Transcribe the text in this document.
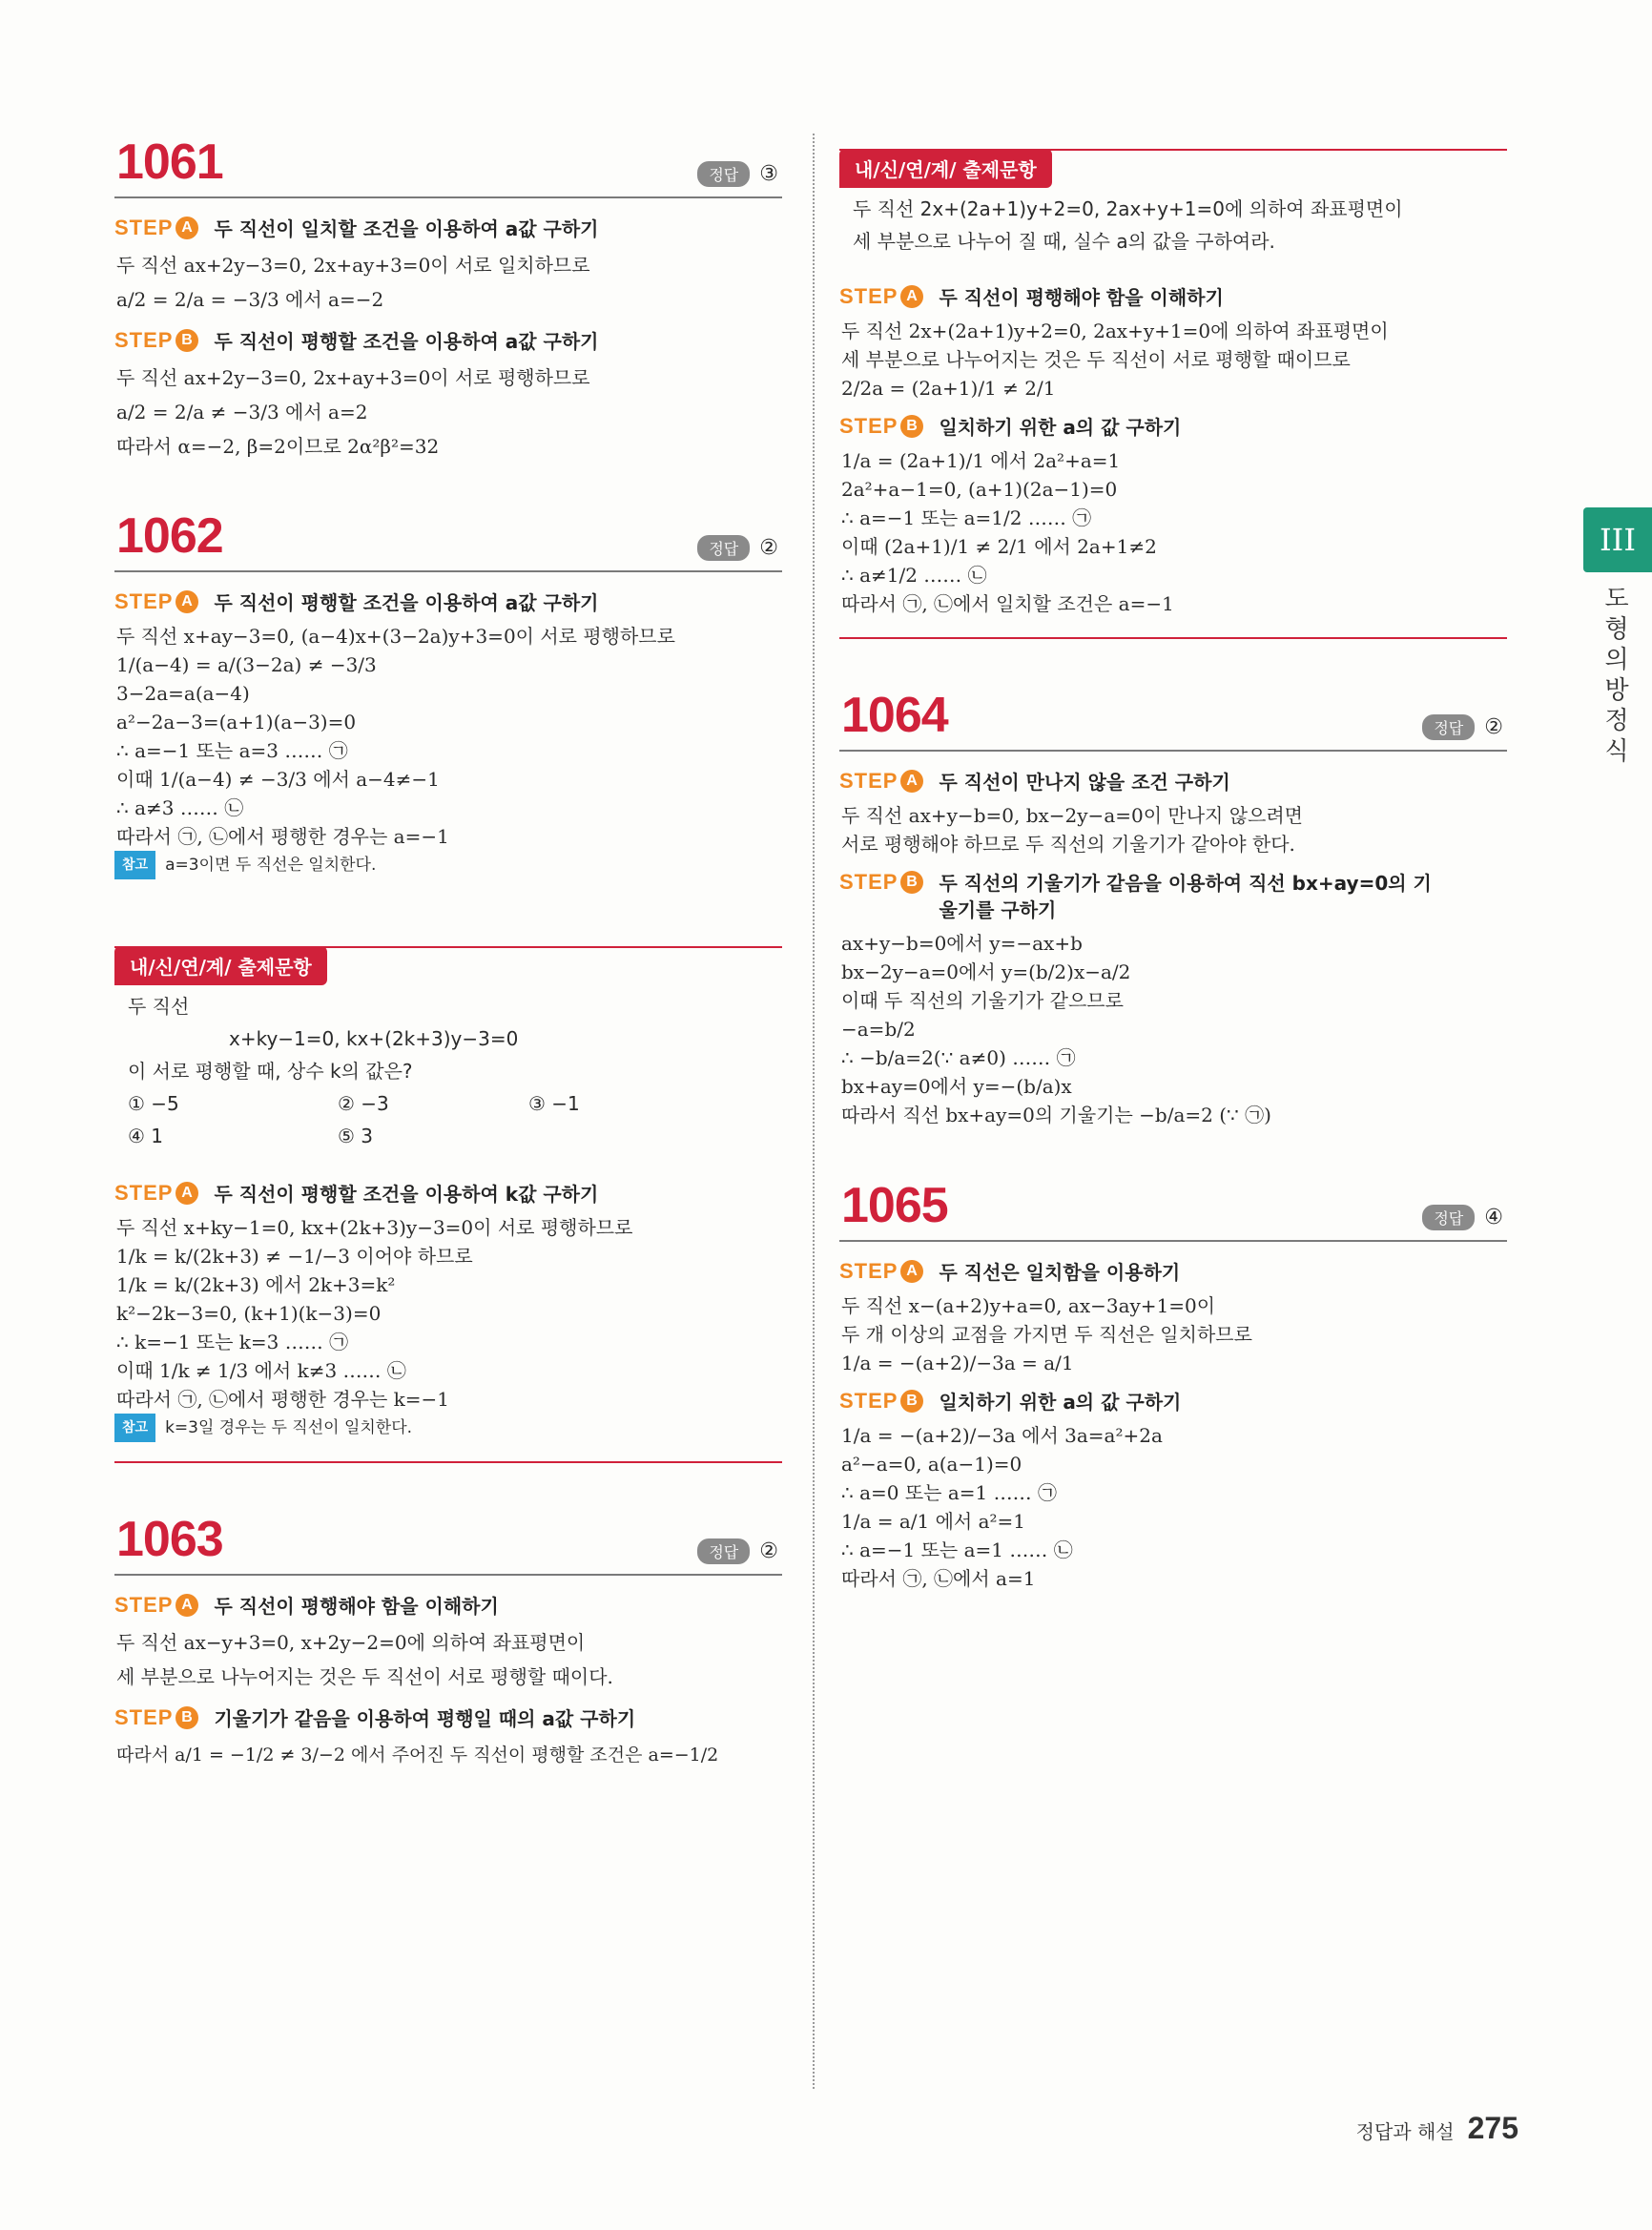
1061	정답	③
STEP A 두 직선이 일치할 조건을 이용하여 a값 구하기
두 직선 ax+2y−3=0, 2x+ay+3=0이 서로 일치하므로
a/2 = 2/a = −3/3 에서 a=−2
STEP B 두 직선이 평행할 조건을 이용하여 a값 구하기
두 직선 ax+2y−3=0, 2x+ay+3=0이 서로 평행하므로
a/2 = 2/a ≠ −3/3 에서 a=2
따라서 α=−2, β=2이므로 2α²β²=32
1062	정답	②
STEP A 두 직선이 평행할 조건을 이용하여 a값 구하기
두 직선 x+ay−3=0, (a−4)x+(3−2a)y+3=0이 서로 평행하므로
1/(a−4) = a/(3−2a) ≠ −3/3
3−2a=a(a−4)
a²−2a−3=(a+1)(a−3)=0
∴ a=−1 또는 a=3 …… ㉠
이때 1/(a−4) ≠ −3/3 에서 a−4≠−1
∴ a≠3 …… ㉡
따라서 ㉠, ㉡에서 평행한 경우는 a=−1
참고	a=3이면 두 직선은 일치한다.
내/신/연/계/ 출제문항
두 직선
x+ky−1=0, kx+(2k+3)y−3=0
이 서로 평행할 때, 상수 k의 값은?
① −5	② −3	③ −1
④ 1	⑤ 3
STEP A 두 직선이 평행할 조건을 이용하여 k값 구하기
두 직선 x+ky−1=0, kx+(2k+3)y−3=0이 서로 평행하므로
1/k = k/(2k+3) ≠ −1/−3 이어야 하므로
1/k = k/(2k+3) 에서 2k+3=k²
k²−2k−3=0, (k+1)(k−3)=0
∴ k=−1 또는 k=3 …… ㉠
이때 1/k ≠ 1/3 에서 k≠3 …… ㉡
따라서 ㉠, ㉡에서 평행한 경우는 k=−1
참고	k=3일 경우는 두 직선이 일치한다.
1063	정답	②
STEP A 두 직선이 평행해야 함을 이해하기
두 직선 ax−y+3=0, x+2y−2=0에 의하여 좌표평면이
세 부분으로 나누어지는 것은 두 직선이 서로 평행할 때이다.
STEP B 기울기가 같음을 이용하여 평행일 때의 a값 구하기
따라서 a/1 = −1/2 ≠ 3/−2 에서 주어진 두 직선이 평행할 조건은 a=−1/2
내/신/연/계/ 출제문항
두 직선 2x+(2a+1)y+2=0, 2ax+y+1=0에 의하여 좌표평면이
세 부분으로 나누어 질 때, 실수 a의 값을 구하여라.
STEP A 두 직선이 평행해야 함을 이해하기
두 직선 2x+(2a+1)y+2=0, 2ax+y+1=0에 의하여 좌표평면이
세 부분으로 나누어지는 것은 두 직선이 서로 평행할 때이므로
2/2a = (2a+1)/1 ≠ 2/1
STEP B 일치하기 위한 a의 값 구하기
1/a = (2a+1)/1 에서 2a²+a=1
2a²+a−1=0, (a+1)(2a−1)=0
∴ a=−1 또는 a=1/2 …… ㉠
이때 (2a+1)/1 ≠ 2/1 에서 2a+1≠2
∴ a≠1/2 …… ㉡
따라서 ㉠, ㉡에서 일치할 조건은 a=−1
1064	정답	②
STEP A 두 직선이 만나지 않을 조건 구하기
두 직선 ax+y−b=0, bx−2y−a=0이 만나지 않으려면
서로 평행해야 하므로 두 직선의 기울기가 같아야 한다.
STEP B 두 직선의 기울기가 같음을 이용하여 직선 bx+ay=0의 기울기를 구하기
ax+y−b=0에서 y=−ax+b
bx−2y−a=0에서 y=(b/2)x−a/2
이때 두 직선의 기울기가 같으므로
−a=b/2
∴ −b/a=2(∵ a≠0) …… ㉠
bx+ay=0에서 y=−(b/a)x
따라서 직선 bx+ay=0의 기울기는 −b/a=2 (∵ ㉠)
1065	정답	④
STEP A 두 직선은 일치함을 이용하기
두 직선 x−(a+2)y+a=0, ax−3ay+1=0이
두 개 이상의 교점을 가지면 두 직선은 일치하므로
1/a = −(a+2)/−3a = a/1
STEP B 일치하기 위한 a의 값 구하기
1/a = −(a+2)/−3a 에서 3a=a²+2a
a²−a=0, a(a−1)=0
∴ a=0 또는 a=1 …… ㉠
1/a = a/1 에서 a²=1
∴ a=−1 또는 a=1 …… ㉡
따라서 ㉠, ㉡에서 a=1
III
도형의 방정식
정답과 해설 275
